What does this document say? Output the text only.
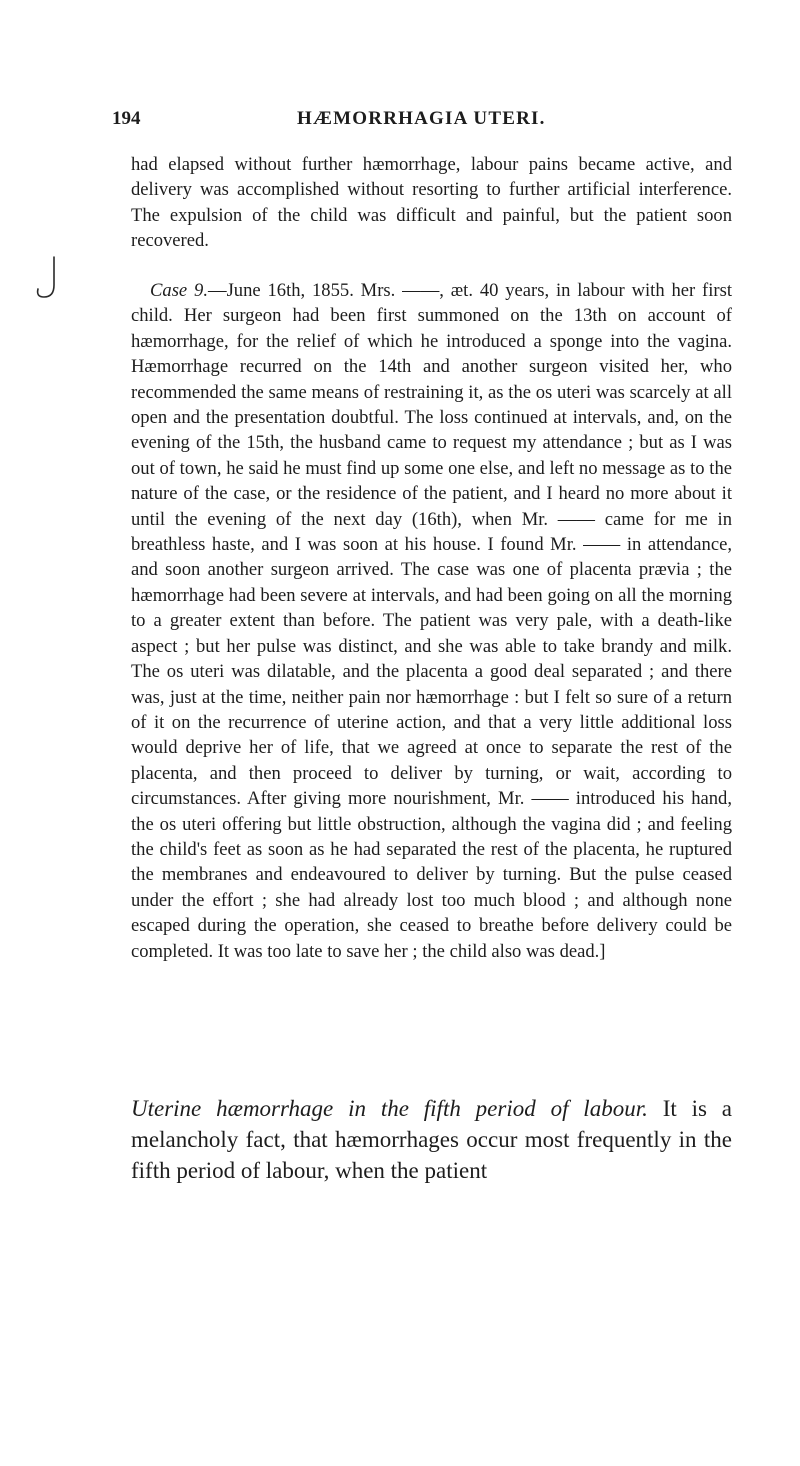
194	HÆMORRHAGIA UTERI.

had elapsed without further hæmorrhage, labour pains became active, and delivery was accomplished without resorting to further artificial interference. The expulsion of the child was difficult and painful, but the patient soon recovered.

Case 9.—June 16th, 1855. Mrs. ——, æt. 40 years, in labour with her first child. Her surgeon had been first summoned on the 13th on account of hæmorrhage, for the relief of which he introduced a sponge into the vagina. Hæmorrhage recurred on the 14th and another surgeon visited her, who recommended the same means of restraining it, as the os uteri was scarcely at all open and the presentation doubtful. The loss continued at intervals, and, on the evening of the 15th, the husband came to request my attendance ; but as I was out of town, he said he must find up some one else, and left no message as to the nature of the case, or the residence of the patient, and I heard no more about it until the evening of the next day (16th), when Mr. —— came for me in breathless haste, and I was soon at his house. I found Mr. —— in attendance, and soon another surgeon arrived. The case was one of placenta prævia ; the hæmorrhage had been severe at intervals, and had been going on all the morning to a greater extent than before. The patient was very pale, with a death-like aspect ; but her pulse was distinct, and she was able to take brandy and milk. The os uteri was dilatable, and the placenta a good deal separated ; and there was, just at the time, neither pain nor hæmorrhage : but I felt so sure of a return of it on the recurrence of uterine action, and that a very little additional loss would deprive her of life, that we agreed at once to separate the rest of the placenta, and then proceed to deliver by turning, or wait, according to circumstances. After giving more nourishment, Mr. —— introduced his hand, the os uteri offering but little obstruction, although the vagina did ; and feeling the child's feet as soon as he had separated the rest of the placenta, he ruptured the membranes and endeavoured to deliver by turning. But the pulse ceased under the effort ; she had already lost too much blood ; and although none escaped during the operation, she ceased to breathe before delivery could be completed. It was too late to save her ; the child also was dead.]

Uterine hæmorrhage in the fifth period of labour. It is a melancholy fact, that hæmorrhages occur most frequently in the fifth period of labour, when the patient
